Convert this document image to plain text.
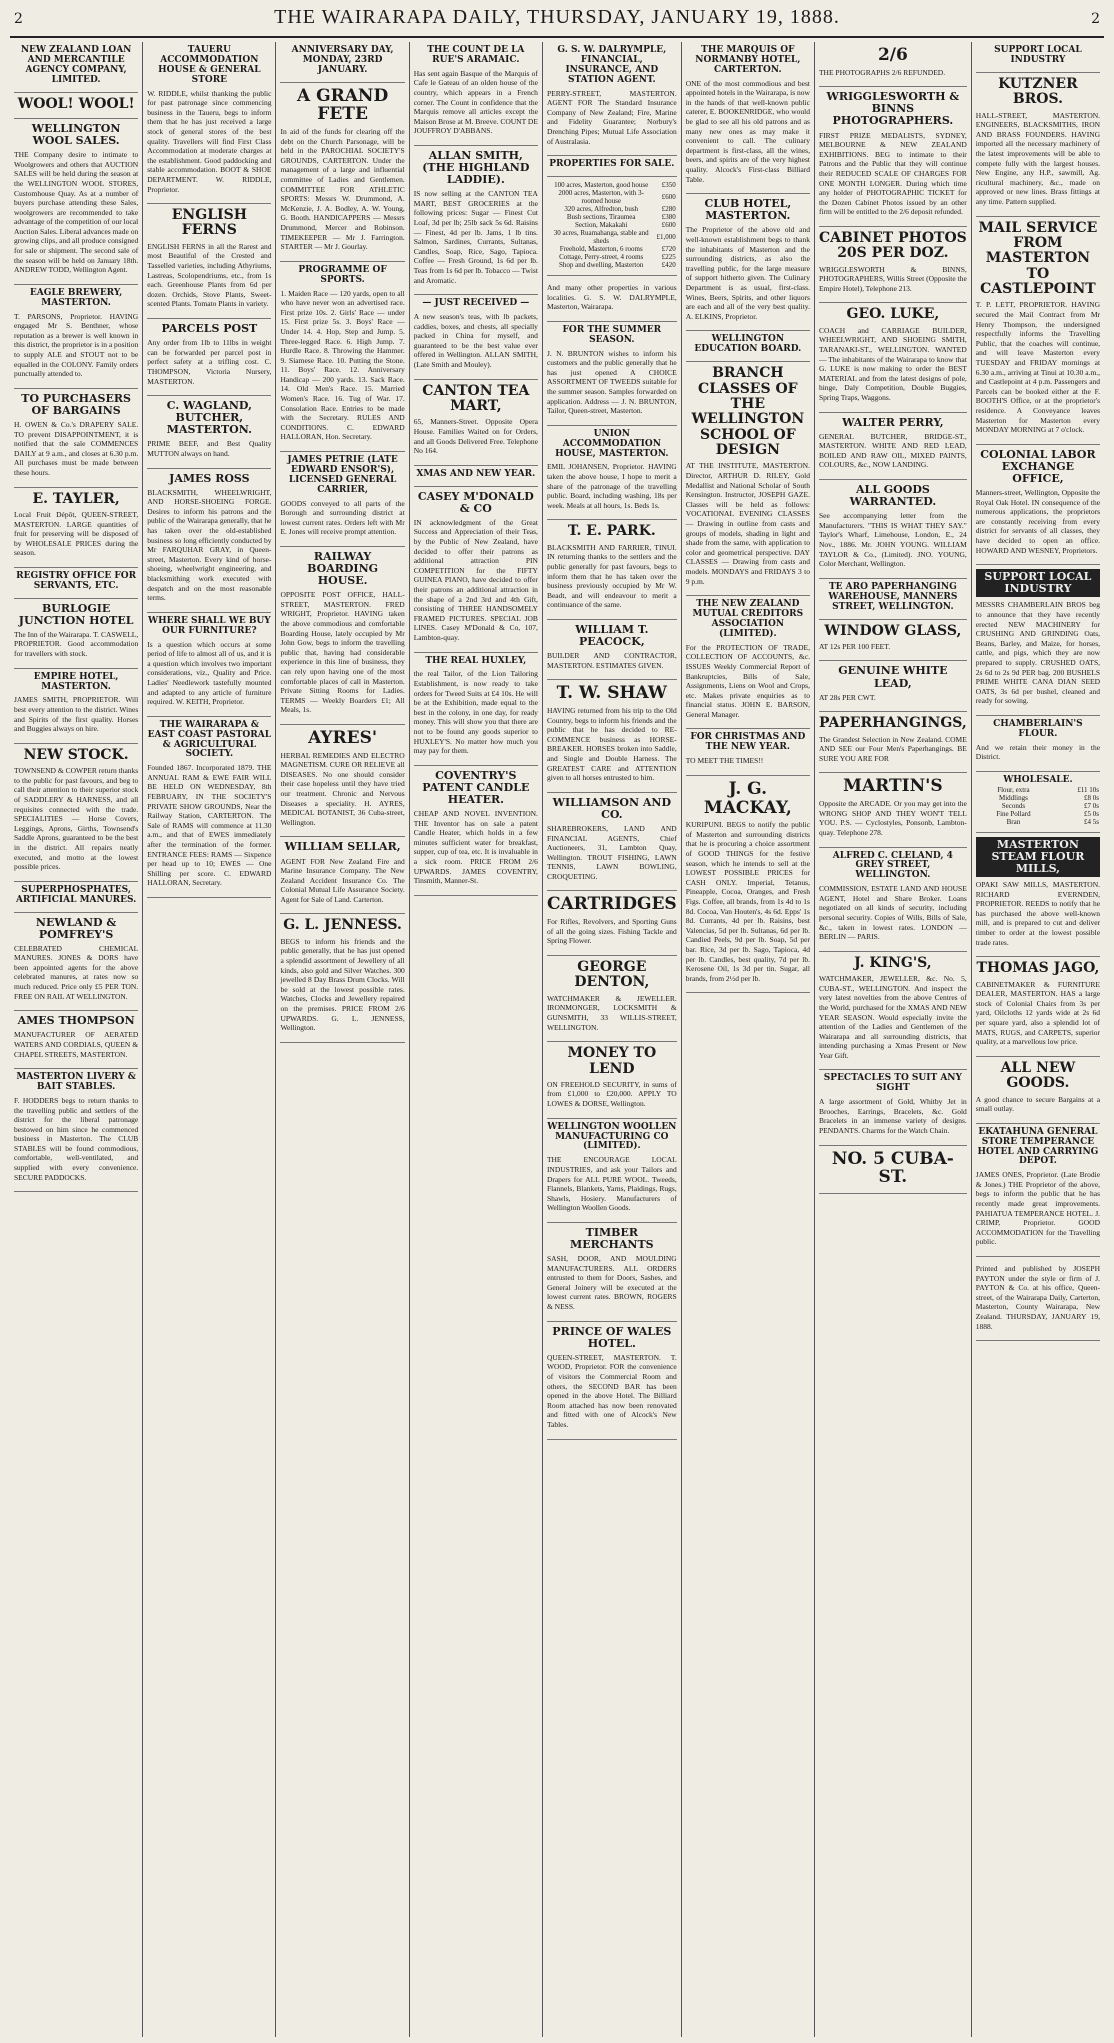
2	THE WAIRARAPA DAILY, THURSDAY, JANUARY 19, 1888.	2
NEW ZEALAND LOAN AND MERCANTILE AGENCY COMPANY, LIMITED.
WOOL! WOOL!
WELLINGTON WOOL SALES.
THE Company desire to intimate to Woolgrowers and others that AUCTION SALES will be held during the season at the WELLINGTON WOOL STORES, Customhouse Quay. As at a number of buyers purchase attending these Sales, woolgrowers are recommended to take advantage of the competition of our local Auction Sales. Liberal advances made on growing clips, and all produce consigned for sale or shipment. The second sale of the season will be held on January 18th. ANDREW TODD, Wellington Agent.
EAGLE BREWERY, MASTERTON.
T. PARSONS, Proprietor. HAVING engaged Mr S. Benthner, whose reputation as a brewer is well known in this district, the proprietor is in a position to supply ALE and STOUT not to be equalled in the COLONY. Family orders punctually attended to.
TO PURCHASERS OF BARGAINS
H. OWEN & Co.'s DRAPERY SALE. TO prevent DISAPPOINTMENT, it is notified that the sale COMMENCES DAILY at 9 a.m., and closes at 6.30 p.m. All purchases must be made between these hours.
E. TAYLER,
Local Fruit Dépôt, QUEEN-STREET, MASTERTON. LARGE quantities of fruit for preserving will be disposed of by WHOLESALE PRICES during the season.
REGISTRY OFFICE FOR SERVANTS, ETC.
BURLOGIE JUNCTION HOTEL
The Inn of the Wairarapa. T. CASWELL, PROPRIETOR. Good accommodation for travellers with stock.
EMPIRE HOTEL, MASTERTON.
JAMES SMITH, PROPRIETOR. Will best every attention to the district. Wines and Spirits of the first quality. Horses and Buggies always on hire.
NEW STOCK.
TOWNSEND & COWPER return thanks to the public for past favours, and beg to call their attention to their superior stock of SADDLERY & HARNESS, and all requisites connected with the trade. SPECIALITIES — Horse Covers, Leggings, Aprons, Girths, Townsend's Saddle Aprons, guaranteed to be the best in the district. All repairs neatly executed, and motto at the lowest possible prices.
SUPERPHOSPHATES, ARTIFICIAL MANURES.
NEWLAND & POMFREY'S
CELEBRATED CHEMICAL MANURES. JONES & DORS have been appointed agents for the above celebrated manures, at rates now so much reduced. Price only £5 PER TON. FREE ON RAIL AT WELLINGTON.
AMES THOMPSON
MANUFACTURER OF AERATED WATERS AND CORDIALS, QUEEN & CHAPEL STREETS, MASTERTON.
MASTERTON LIVERY & BAIT STABLES.
F. HODDERS begs to return thanks to the travelling public and settlers of the district for the liberal patronage bestowed on him since he commenced business in Masterton. The CLUB STABLES will be found commodious, comfortable, well-ventilated, and supplied with every convenience. SECURE PADDOCKS.
TAUERU ACCOMMODATION HOUSE & GENERAL STORE
W. RIDDLE, whilst thanking the public for past patronage since commencing business in the Taueru, begs to inform them that he has just received a large stock of general stores of the best quality. Travellers will find First Class Accommodation at moderate charges at the establishment. Good paddocking and stable accommodation. BOOT & SHOE DEPARTMENT. W. RIDDLE, Proprietor.
ENGLISH FERNS
ENGLISH FERNS in all the Rarest and most Beautiful of the Crested and Tasselled varieties, including Athyriums, Lastreas, Scolopendriums, etc., from 1s each. Greenhouse Plants from 6d per dozen. Orchids, Stove Plants, Sweet-scented Plants. Tomato Plants in variety.
PARCELS POST
Any order from 1lb to 11lbs in weight can be forwarded per parcel post in perfect safety at a trifling cost. C. THOMPSON, Victoria Nursery, MASTERTON.
C. WAGLAND, BUTCHER, MASTERTON.
PRIME BEEF, and Best Quality MUTTON always on hand.
JAMES ROSS
BLACKSMITH, WHEELWRIGHT, AND HORSE-SHOEING FORGE. Desires to inform his patrons and the public of the Wairarapa generally, that he has taken over the old-established business so long efficiently conducted by Mr FARQUHAR GRAY, in Queen-street, Masterton. Every kind of horse-shoeing, wheelwright engineering, and blacksmithing work executed with despatch and on the most reasonable terms.
WHERE SHALL WE BUY OUR FURNITURE?
Is a question which occurs at some period of life to almost all of us, and it is a question which involves two important considerations, viz., Quality and Price. Ladies' Needlework tastefully mounted and adapted to any article of furniture required. W. KEITH, Proprietor.
THE WAIRARAPA & EAST COAST PASTORAL & AGRICULTURAL SOCIETY.
Founded 1867. Incorporated 1879. THE ANNUAL RAM & EWE FAIR WILL BE HELD ON WEDNESDAY, 8th FEBRUARY, IN THE SOCIETY'S PRIVATE SHOW GROUNDS, Near the Railway Station, CARTERTON. The Sale of RAMS will commence at 11.30 a.m., and that of EWES immediately after the termination of the former. ENTRANCE FEES: RAMS — Sixpence per head up to 10; EWES — One Shilling per score. C. EDWARD HALLORAN, Secretary.
ANNIVERSARY DAY, MONDAY, 23RD JANUARY.
A GRAND FETE
In aid of the funds for clearing off the debt on the Church Parsonage, will be held in the PAROCHIAL SOCIETY'S GROUNDS, CARTERTON. Under the management of a large and influential committee of Ladies and Gentlemen. COMMITTEE FOR ATHLETIC SPORTS: Messrs W. Drummond, A. McKenzie, J. A. Bodley, A. W. Young, G. Booth. HANDICAPPERS — Messrs Drummond, Mercer and Robinson. TIMEKEEPER — Mr J. Farrington. STARTER — Mr J. Gourlay.
PROGRAMME OF SPORTS.
1. Maiden Race — 120 yards, open to all who have never won an advertised race. First prize 10s. 2. Girls' Race — under 15. First prize 5s. 3. Boys' Race — Under 14. 4. Hop, Step and Jump. 5. Three-legged Race. 6. High Jump. 7. Hurdle Race. 8. Throwing the Hammer. 9. Siamese Race. 10. Putting the Stone. 11. Boys' Race. 12. Anniversary Handicap — 200 yards. 13. Sack Race. 14. Old Men's Race. 15. Married Women's Race. 16. Tug of War. 17. Consolation Race. Entries to be made with the Secretary. RULES AND CONDITIONS. C. EDWARD HALLORAN, Hon. Secretary.
JAMES PETRIE (LATE EDWARD ENSOR'S), LICENSED GENERAL CARRIER,
GOODS conveyed to all parts of the Borough and surrounding district at lowest current rates. Orders left with Mr E. Jones will receive prompt attention.
RAILWAY BOARDING HOUSE.
OPPOSITE POST OFFICE, HALL-STREET, MASTERTON. FRED WRIGHT, Proprietor. HAVING taken the above commodious and comfortable Boarding House, lately occupied by Mr John Gow, begs to inform the travelling public that, having had considerable experience in this line of business, they can rely upon having one of the most comfortable places of call in Masterton. Private Sitting Rooms for Ladies. TERMS — Weekly Boarders £1; All Meals, 1s.
AYRES'
HERBAL REMEDIES AND ELECTRO MAGNETISM. CURE OR RELIEVE all DISEASES. No one should consider their case hopeless until they have tried our treatment. Chronic and Nervous Diseases a speciality. H. AYRES, MEDICAL BOTANIST, 36 Cuba-street, Wellington.
WILLIAM SELLAR,
AGENT FOR New Zealand Fire and Marine Insurance Company. The New Zealand Accident Insurance Co. The Colonial Mutual Life Assurance Society. Agent for Sale of Land. Carterton.
G. L. JENNESS.
BEGS to inform his friends and the public generally, that he has just opened a splendid assortment of Jewellery of all kinds, also gold and Silver Watches. 300 jewelled 8 Day Brass Drum Clocks. Will be sold at the lowest possible rates. Watches, Clocks and Jewellery repaired on the premises. PRICE FROM 2/6 UPWARDS. G. L. JENNESS, Wellington.
THE COUNT DE LA RUE'S ARAMAIC.
Has sent again Basque of the Marquis of Cafe le Gateau of an olden house of the country, which appears in a French corner. The Count in confidence that the Marquis remove all articles except the Maison Brose at M. Breeve. COUNT DE JOUFFROY D'ABBANS.
ALLAN SMITH, (THE HIGHLAND LADDIE).
IS now selling at the CANTON TEA MART, BEST GROCERIES at the following prices: Sugar — Finest Cut Loaf, 3d per lb; 25lb sack 5s 6d. Raisins — Finest, 4d per lb. Jams, 1 lb tins. Salmon, Sardines, Currants, Sultanas, Candles, Soap, Rice, Sago, Tapioca. Coffee — Fresh Ground, 1s 6d per lb. Teas from 1s 6d per lb. Tobacco — Twist and Aromatic.
— JUST RECEIVED —
A new season's teas, with lb packets, caddies, boxes, and chests, all specially packed in China for myself, and guaranteed to be the best value ever offered in Wellington. ALLAN SMITH, (Late Smith and Mouley).
CANTON TEA MART,
65, Manners-Street. Opposite Opera House. Families Waited on for Orders, and all Goods Delivered Free. Telephone No 164.
XMAS AND NEW YEAR.
CASEY M'DONALD & CO
IN acknowledgment of the Great Success and Appreciation of their Teas, by the Public of New Zealand, have decided to offer their patrons as additional attraction PIN COMPETITION for the FIFTY GUINEA PIANO, have decided to offer their patrons an additional attraction in the shape of a 2nd 3rd and 4th Gift, consisting of THREE HANDSOMELY FRAMED PICTURES. SPECIAL JOB LINES. Casey M'Donald & Co, 107, Lambton-quay.
THE REAL HUXLEY,
the real Tailor, of the Lion Tailoring Establishment, is now ready to take orders for Tweed Suits at £4 10s. He will be at the Exhibition, made equal to the best in the colony, in one day, for ready money. This will show you that there are not to be found any goods superior to HUXLEY'S. No matter how much you may pay for them.
COVENTRY'S PATENT CANDLE HEATER.
CHEAP AND NOVEL INVENTION. THE Inventor has on sale a patent Candle Heater, which holds in a few minutes sufficient water for breakfast, supper, cup of tea, etc. It is invaluable in a sick room. PRICE FROM 2/6 UPWARDS. JAMES COVENTRY, Tinsmith, Manner-St.
G. S. W. DALRYMPLE, FINANCIAL, INSURANCE, AND STATION AGENT.
PERRY-STREET, MASTERTON. AGENT FOR The Standard Insurance Company of New Zealand; Fire, Marine and Fidelity Guarantee; Norbury's Drenching Pipes; Mutual Life Association of Australasia.
PROPERTIES FOR SALE.
100 acres, Masterton, good house	£350
2000 acres, Masterton, with 3-roomed house	£600
320 acres, Alfredton, bush	£280
Bush sections, Tiraumea	£380
Section, Makakahi	£600
30 acres, Ruamahanga, stable and sheds	£1,000
Freehold, Masterton, 6 rooms	£720
Cottage, Perry-street, 4 rooms	£225
Shop and dwelling, Masterton	£420
And many other properties in various localities. G. S. W. DALRYMPLE, Masterton, Wairarapa.
FOR THE SUMMER SEASON.
J. N. BRUNTON wishes to inform his customers and the public generally that he has just opened A CHOICE ASSORTMENT OF TWEEDS suitable for the summer season. Samples forwarded on application. Address — J. N. BRUNTON, Tailor, Queen-street, Masterton.
UNION ACCOMMODATION HOUSE, MASTERTON.
EMIL JOHANSEN, Proprietor. HAVING taken the above house, I hope to merit a share of the patronage of the travelling public. Board, including washing, 18s per week. Meals at all hours, 1s. Beds 1s.
T. E. PARK.
BLACKSMITH AND FARRIER, TINUI. IN returning thanks to the settlers and the public generally for past favours, begs to inform them that he has taken over the business previously occupied by Mr W. Beadt, and will endeavour to merit a continuance of the same.
WILLIAM T. PEACOCK,
BUILDER AND CONTRACTOR, MASTERTON. ESTIMATES GIVEN.
T. W. SHAW
HAVING returned from his trip to the Old Country, begs to inform his friends and the public that he has decided to RE-COMMENCE business as HORSE-BREAKER. HORSES broken into Saddle, and Single and Double Harness. The GREATEST CARE and ATTENTION given to all horses entrusted to him.
WILLIAMSON AND CO.
SHAREBROKERS, LAND AND FINANCIAL AGENTS, Chief Auctioneers, 31, Lambton Quay, Wellington. TROUT FISHING, LAWN TENNIS, LAWN BOWLING, CROQUETING.
CARTRIDGES
For Rifles, Revolvers, and Sporting Guns of all the going sizes. Fishing Tackle and Spring Flower.
GEORGE DENTON,
WATCHMAKER & JEWELLER. IRONMONGER, LOCKSMITH & GUNSMITH, 33 WILLIS-STREET, WELLINGTON.
MONEY TO LEND
ON FREEHOLD SECURITY, in sums of from £1,000 to £20,000. APPLY TO LOWES & DORSE, Wellington.
WELLINGTON WOOLLEN MANUFACTURING CO (LIMITED).
THE ENCOURAGE LOCAL INDUSTRIES, and ask your Tailors and Drapers for ALL PURE WOOL. Tweeds, Flannels, Blankets, Yarns, Plaidings, Rugs, Shawls, Hosiery. Manufacturers of Wellington Woollen Goods.
TIMBER MERCHANTS
SASH, DOOR, AND MOULDING MANUFACTURERS. ALL ORDERS entrusted to them for Doors, Sashes, and General Joinery will be executed at the lowest current rates. BROWN, ROGERS & NESS.
PRINCE OF WALES HOTEL.
QUEEN-STREET, MASTERTON. T. WOOD, Proprietor. FOR the convenience of visitors the Commercial Room and others, the SECOND BAR has been opened in the above Hotel. The Billiard Room attached has now been renovated and fitted with one of Alcock's New Tables.
THE MARQUIS OF NORMANBY HOTEL, CARTERTON.
ONE of the most commodious and best appointed hotels in the Wairarapa, is now in the hands of that well-known public caterer, E. BOOKENRIDGE, who would be glad to see all his old patrons and as many new ones as may make it convenient to call. The culinary department is first-class, all the wines, beers, and spirits are of the very highest quality. Alcock's First-class Billiard Table.
CLUB HOTEL, MASTERTON.
The Proprietor of the above old and well-known establishment begs to thank the inhabitants of Masterton and the surrounding districts, as also the travelling public, for the large measure of support hitherto given. The Culinary Department is as usual, first-class. Wines, Beers, Spirits, and other liquors are each and all of the very best quality. A. ELKINS, Proprietor.
WELLINGTON EDUCATION BOARD.
BRANCH CLASSES OF THE WELLINGTON SCHOOL OF DESIGN
AT THE INSTITUTE, MASTERTON. Director, ARTHUR D. RILEY, Gold Medallist and National Scholar of South Kensington. Instructor, JOSEPH GAZE. Classes will be held as follows: VOCATIONAL EVENING CLASSES — Drawing in outline from casts and groups of models, shading in light and shade from the same, with application to color and geometrical perspective. DAY CLASSES — Drawing from casts and models. MONDAYS and FRIDAYS 3 to 9 p.m.
THE NEW ZEALAND MUTUAL CREDITORS ASSOCIATION (LIMITED).
For the PROTECTION OF TRADE, COLLECTION OF ACCOUNTS, &c. ISSUES Weekly Commercial Report of Bankruptcies, Bills of Sale, Assignments, Liens on Wool and Crops, etc. Makes private enquiries as to financial status. JOHN E. BARSON, General Manager.
FOR CHRISTMAS AND THE NEW YEAR.
TO MEET THE TIMES!!
J. G. MACKAY,
KURIPUNI. BEGS to notify the public of Masterton and surrounding districts that he is procuring a choice assortment of GOOD THINGS for the festive season, which he intends to sell at the LOWEST POSSIBLE PRICES for CASH ONLY. Imperial, Tetanus, Pineapple, Cocoa, Oranges, and Fresh Figs. Coffee, all brands, from 1s 4d to 1s 8d. Cocoa, Van Houten's, 4s 6d. Epps' 1s 8d. Currants, 4d per lb. Raisins, best Valencias, 5d per lb. Sultanas, 6d per lb. Candied Peels, 9d per lb. Soap, 5d per bar. Rice, 3d per lb. Sago, Tapioca, 4d per lb. Candles, best quality, 7d per lb. Kerosene Oil, 1s 3d per tin. Sugar, all brands, from 2½d per lb.
2/6
THE PHOTOGRAPHS 2/6 REFUNDED.
WRIGGLESWORTH & BINNS PHOTOGRAPHERS.
FIRST PRIZE MEDALISTS, SYDNEY, MELBOURNE & NEW ZEALAND EXHIBITIONS. BEG to intimate to their Patrons and the Public that they will continue their REDUCED SCALE OF CHARGES FOR ONE MONTH LONGER. During which time any holder of PHOTOGRAPHIC TICKET for the Dozen Cabinet Photos issued by an other firm will be entitled to the 2/6 deposit refunded.
CABINET PHOTOS 20S PER DOZ.
WRIGGLESWORTH & BINNS, PHOTOGRAPHERS, Willis Street (Opposite the Empire Hotel), Telephone 213.
GEO. LUKE,
COACH and CARRIAGE BUILDER, WHEELWRIGHT, AND SHOEING SMITH, TARANAKI-ST., WELLINGTON. WANTED — The inhabitants of the Wairarapa to know that G. LUKE is now making to order the BEST MATERIAL and from the latest designs of pole, hinge, Daly Competition, Double Buggies, Spring Traps, Waggons.
WALTER PERRY,
GENERAL BUTCHER, BRIDGE-ST., MASTERTON. WHITE AND RED LEAD, BOILED AND RAW OIL, MIXED PAINTS, COLOURS, &c., NOW LANDING.
ALL GOODS WARRANTED.
See accompanying letter from the Manufacturers. "THIS IS WHAT THEY SAY." Taylor's Wharf, Limehouse, London, E., 24 Nov., 1886. Mr. JOHN YOUNG. WILLIAM TAYLOR & Co., (Limited). JNO. YOUNG, Color Merchant, Wellington.
TE ARO PAPERHANGING WAREHOUSE, MANNERS STREET, WELLINGTON.
WINDOW GLASS,
AT 12s PER 100 FEET.
GENUINE WHITE LEAD,
AT 28s PER CWT.
PAPERHANGINGS,
The Grandest Selection in New Zealand. COME AND SEE our Four Men's Paperhangings. BE SURE YOU ARE FOR
MARTIN'S
Opposite the ARCADE. Or you may get into the WRONG SHOP AND THEY WON'T TELL YOU. P.S. — Cyclostyles, Ponsonb, Lambton-quay. Telephone 278.
ALFRED C. CLELAND, 4 GREY STREET, WELLINGTON.
COMMISSION, ESTATE LAND AND HOUSE AGENT, Hotel and Share Broker. Loans negotiated on all kinds of security, including personal security. Copies of Wills, Bills of Sale, &c., taken in lowest rates. LONDON — BERLIN — PARIS.
J. KING'S,
WATCHMAKER, JEWELLER, &c. No. 5, CUBA-ST., WELLINGTON. And inspect the very latest novelties from the above Centres of the World, purchased for the XMAS AND NEW YEAR SEASON. Would especially invite the attention of the Ladies and Gentlemen of the Wairarapa and all surrounding districts, that intending purchasing a Xmas Present or New Year Gift.
SPECTACLES TO SUIT ANY SIGHT
A large assortment of Gold, Whitby Jet in Brooches, Earrings, Bracelets, &c. Gold Bracelets in an immense variety of designs. PENDANTS. Charms for the Watch Chain.
NO. 5 CUBA-ST.
SUPPORT LOCAL INDUSTRY
KUTZNER BROS.
HALL-STREET, MASTERTON. ENGINEERS, BLACKSMITHS, IRON AND BRASS FOUNDERS. HAVING imported all the necessary machinery of the latest improvements will be able to compete fully with the largest houses. New Engine, any H.P., sawmill, Ag. ricultural machinery, &c., made on approved or new lines. Brass fittings at any time. Pattern supplied.
MAIL SERVICE FROM MASTERTON TO CASTLEPOINT
T. P. LETT, PROPRIETOR. HAVING secured the Mail Contract from Mr Henry Thompson, the undersigned respectfully informs the Travelling Public, that the coaches will continue, and will leave Masterton every TUESDAY and FRIDAY mornings at 6.30 a.m., arriving at Tinui at 10.30 a.m., and Castlepoint at 4 p.m. Passengers and Parcels can be booked either at the F. BOOTH'S Office, or at the proprietor's residence. A Conveyance leaves Masterton for Masterton every MONDAY MORNING at 7 o'clock.
COLONIAL LABOR EXCHANGE OFFICE,
Manners-street, Wellington, Opposite the Royal Oak Hotel. IN consequence of the numerous applications, the proprietors are constantly receiving from every district for servants of all classes, they have decided to open an office. HOWARD AND WESNEY, Proprietors.
SUPPORT LOCAL INDUSTRY
MESSRS CHAMBERLAIN BROS beg to announce that they have recently erected NEW MACHINERY for CRUSHING AND GRINDING Oats, Beans, Barley, and Maize, for horses, cattle, and pigs, which they are now prepared to supply. CRUSHED OATS, 2s 6d to 2s 9d PER bag. 200 BUSHELS PRIME WHITE CANA DIAN SEED OATS, 3s 6d per bushel, cleaned and ready for sowing.
CHAMBERLAIN'S FLOUR.
And we retain their money in the District.
WHOLESALE.
Flour, extra	£11 10s
Middlings	£8 0s
Seconds	£7 0s
Fine Pollard	£5 0s
Bran	£4 5s
MASTERTON STEAM FLOUR MILLS,
OPAKI SAW MILLS, MASTERTON. RICHARD EVERNDEN, PROPRIETOR. REEDS to notify that he has purchased the above well-known mill, and is prepared to cut and deliver timber to order at the lowest possible trade rates.
THOMAS JAGO,
CABINETMAKER & FURNITURE DEALER, MASTERTON. HAS a large stock of Colonial Chairs from 3s per yard, Oilcloths 12 yards wide at 2s 6d per square yard, also a splendid lot of MATS, RUGS, and CARPETS, superior quality, at a marvellous low price.
ALL NEW GOODS.
A good chance to secure Bargains at a small outlay.
EKATAHUNA GENERAL STORE TEMPERANCE HOTEL AND CARRYING DEPOT.
JAMES ONES, Proprietor. (Late Brodie & Jones.) THE Proprietor of the above, begs to inform the public that he has recently made great improvements. PAHIATUA TEMPERANCE HOTEL. J. CRIMP, Proprietor. GOOD ACCOMMODATION for the Travelling public.
Printed and published by JOSEPH PAYTON under the style or firm of J. PAYTON & Co. at his office, Queen-street, of the Wairarapa Daily, Carterton, Masterton, County Wairarapa, New Zealand. THURSDAY, JANUARY 19, 1888.
